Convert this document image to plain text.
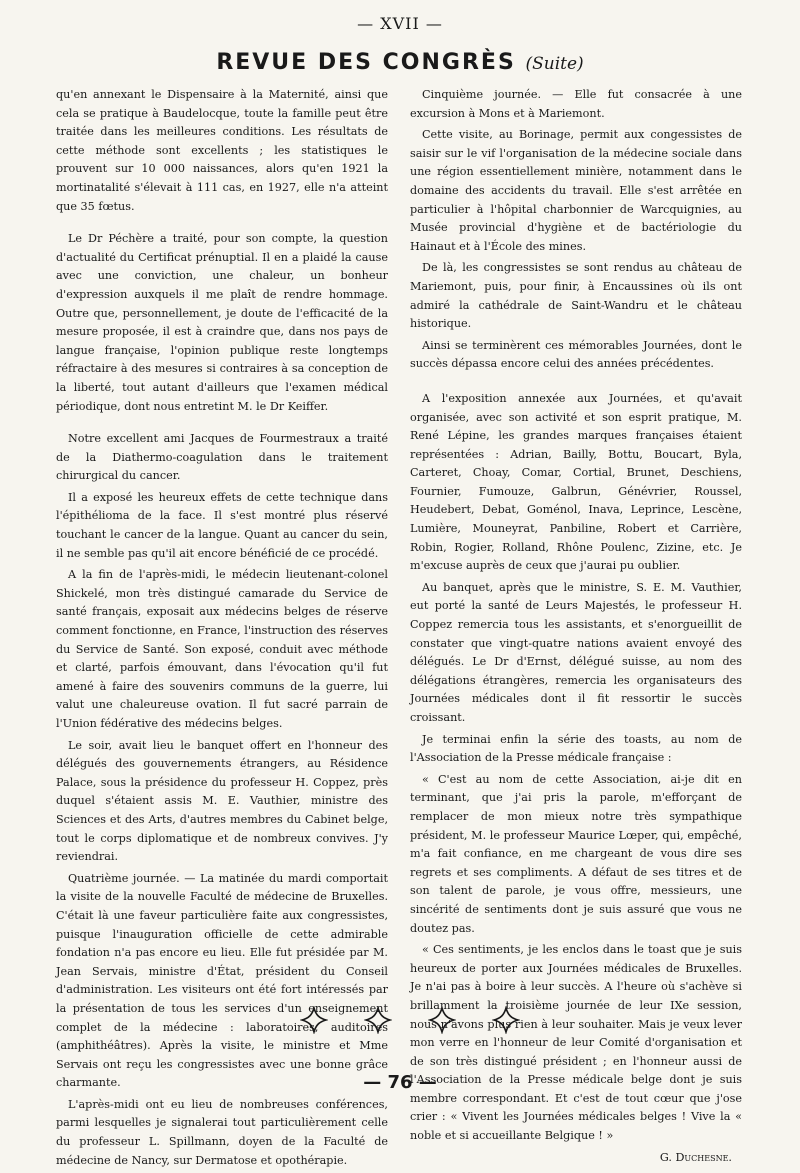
— XVII —
REVUE DES CONGRÈS (Suite)

qu'en annexant le Dispensaire à la Maternité, ainsi que cela se pratique à Baudelocque, toute la famille peut être traitée dans les meilleures conditions. Les résultats de cette méthode sont excellents ; les statistiques le prouvent sur 10 000 naissances, alors qu'en 1921 la mortinatalité s'élevait à 111 cas, en 1927, elle n'a atteint que 35 fœtus.

Le Dr Péchère a traité, pour son compte, la question d'actualité du Certificat prénuptial. Il en a plaidé la cause avec une conviction, une chaleur, un bonheur d'expression auxquels il me plaît de rendre hommage. Outre que, personnellement, je doute de l'efficacité de la mesure proposée, il est à craindre que, dans nos pays de langue française, l'opinion publique reste longtemps réfractaire à des mesures si contraires à sa conception de la liberté, tout autant d'ailleurs que l'examen médical périodique, dont nous entretint M. le Dr Keiffer.

Notre excellent ami Jacques de Fourmestraux a traité de la Diathermo-coagulation dans le traitement chirurgical du cancer.

Il a exposé les heureux effets de cette technique dans l'épithélioma de la face. Il s'est montré plus réservé touchant le cancer de la langue. Quant au cancer du sein, il ne semble pas qu'il ait encore bénéficié de ce procédé.

A la fin de l'après-midi, le médecin lieutenant-colonel Shickelé, mon très distingué camarade du Service de santé français, exposait aux médecins belges de réserve comment fonctionne, en France, l'instruction des réserves du Service de Santé. Son exposé, conduit avec méthode et clarté, parfois émouvant, dans l'évocation qu'il fut amené à faire des souvenirs communs de la guerre, lui valut une chaleureuse ovation. Il fut sacré parrain de l'Union fédérative des médecins belges.

Le soir, avait lieu le banquet offert en l'honneur des délégués des gouvernements étrangers, au Résidence Palace, sous la présidence du professeur H. Coppez, près duquel s'étaient assis M. E. Vauthier, ministre des Sciences et des Arts, d'autres membres du Cabinet belge, tout le corps diplomatique et de nombreux convives. J'y reviendrai.

Quatrième journée. — La matinée du mardi comportait la visite de la nouvelle Faculté de médecine de Bruxelles. C'était là une faveur particulière faite aux congressistes, puisque l'inauguration officielle de cette admirable fondation n'a pas encore eu lieu. Elle fut présidée par M. Jean Servais, ministre d'État, président du Conseil d'administration. Les visiteurs ont été fort intéressés par la présentation de tous les services d'un enseignement complet de la médecine : laboratoires, auditoires (amphithéâtres). Après la visite, le ministre et Mme Servais ont reçu les congressistes avec une bonne grâce charmante.

L'après-midi ont eu lieu de nombreuses conférences, parmi lesquelles je signalerai tout particulièrement celle du professeur L. Spillmann, doyen de la Faculté de médecine de Nancy, sur Dermatose et opothérapie.

Cinquième journée. — Elle fut consacrée à une excursion à Mons et à Mariemont.

Cette visite, au Borinage, permit aux congessistes de saisir sur le vif l'organisation de la médecine sociale dans une région essentiellement minière, notamment dans le domaine des accidents du travail. Elle s'est arrêtée en particulier à l'hôpital charbonnier de Warcquignies, au Musée provincial d'hygiène et de bactériologie du Hainaut et à l'École des mines.

De là, les congressistes se sont rendus au château de Mariemont, puis, pour finir, à Encaussines où ils ont admiré la cathédrale de Saint-Wandru et le château historique.

Ainsi se terminèrent ces mémorables Journées, dont le succès dépassa encore celui des années précédentes.

A l'exposition annexée aux Journées, et qu'avait organisée, avec son activité et son esprit pratique, M. René Lépine, les grandes marques françaises étaient représentées : Adrian, Bailly, Bottu, Boucart, Byla, Carteret, Choay, Comar, Cortial, Brunet, Deschiens, Fournier, Fumouze, Galbrun, Génévrier, Roussel, Heudebert, Debat, Goménol, Inava, Leprince, Lescène, Lumière, Mouneyrat, Panbiline, Robert et Carrière, Robin, Rogier, Rolland, Rhône Poulenc, Zizine, etc. Je m'excuse auprès de ceux que j'aurai pu oublier.

Au banquet, après que le ministre, S. E. M. Vauthier, eut porté la santé de Leurs Majestés, le professeur H. Coppez remercia tous les assistants, et s'enorgueillit de constater que vingt-quatre nations avaient envoyé des délégués. Le Dr d'Ernst, délégué suisse, au nom des délégations étrangères, remercia les organisateurs des Journées médicales dont il fit ressortir le succès croissant.

Je terminai enfin la série des toasts, au nom de l'Association de la Presse médicale française :

« C'est au nom de cette Association, ai-je dit en terminant, que j'ai pris la parole, m'efforçant de remplacer de mon mieux notre très sympathique président, M. le professeur Maurice Lœper, qui, empêché, m'a fait confiance, en me chargeant de vous dire ses regrets et ses compliments. A défaut de ses titres et de son talent de parole, je vous offre, messieurs, une sincérité de sentiments dont je suis assuré que vous ne doutez pas.

« Ces sentiments, je les enclos dans le toast que je suis heureux de porter aux Journées médicales de Bruxelles. Je n'ai pas à boire à leur succès. A l'heure où s'achève si brillamment la troisième journée de leur IXe session, nous n'avons plus rien à leur souhaiter. Mais je veux lever mon verre en l'honneur de leur Comité d'organisation et de son très distingué président ; en l'honneur aussi de l'Association de la Presse médicale belge dont je suis membre correspondant. Et c'est de tout cœur que j'ose crier : « Vivent les Journées médicales belges ! Vive la « noble et si accueillante Belgique ! »

G. Duchesne.

— 76 —
